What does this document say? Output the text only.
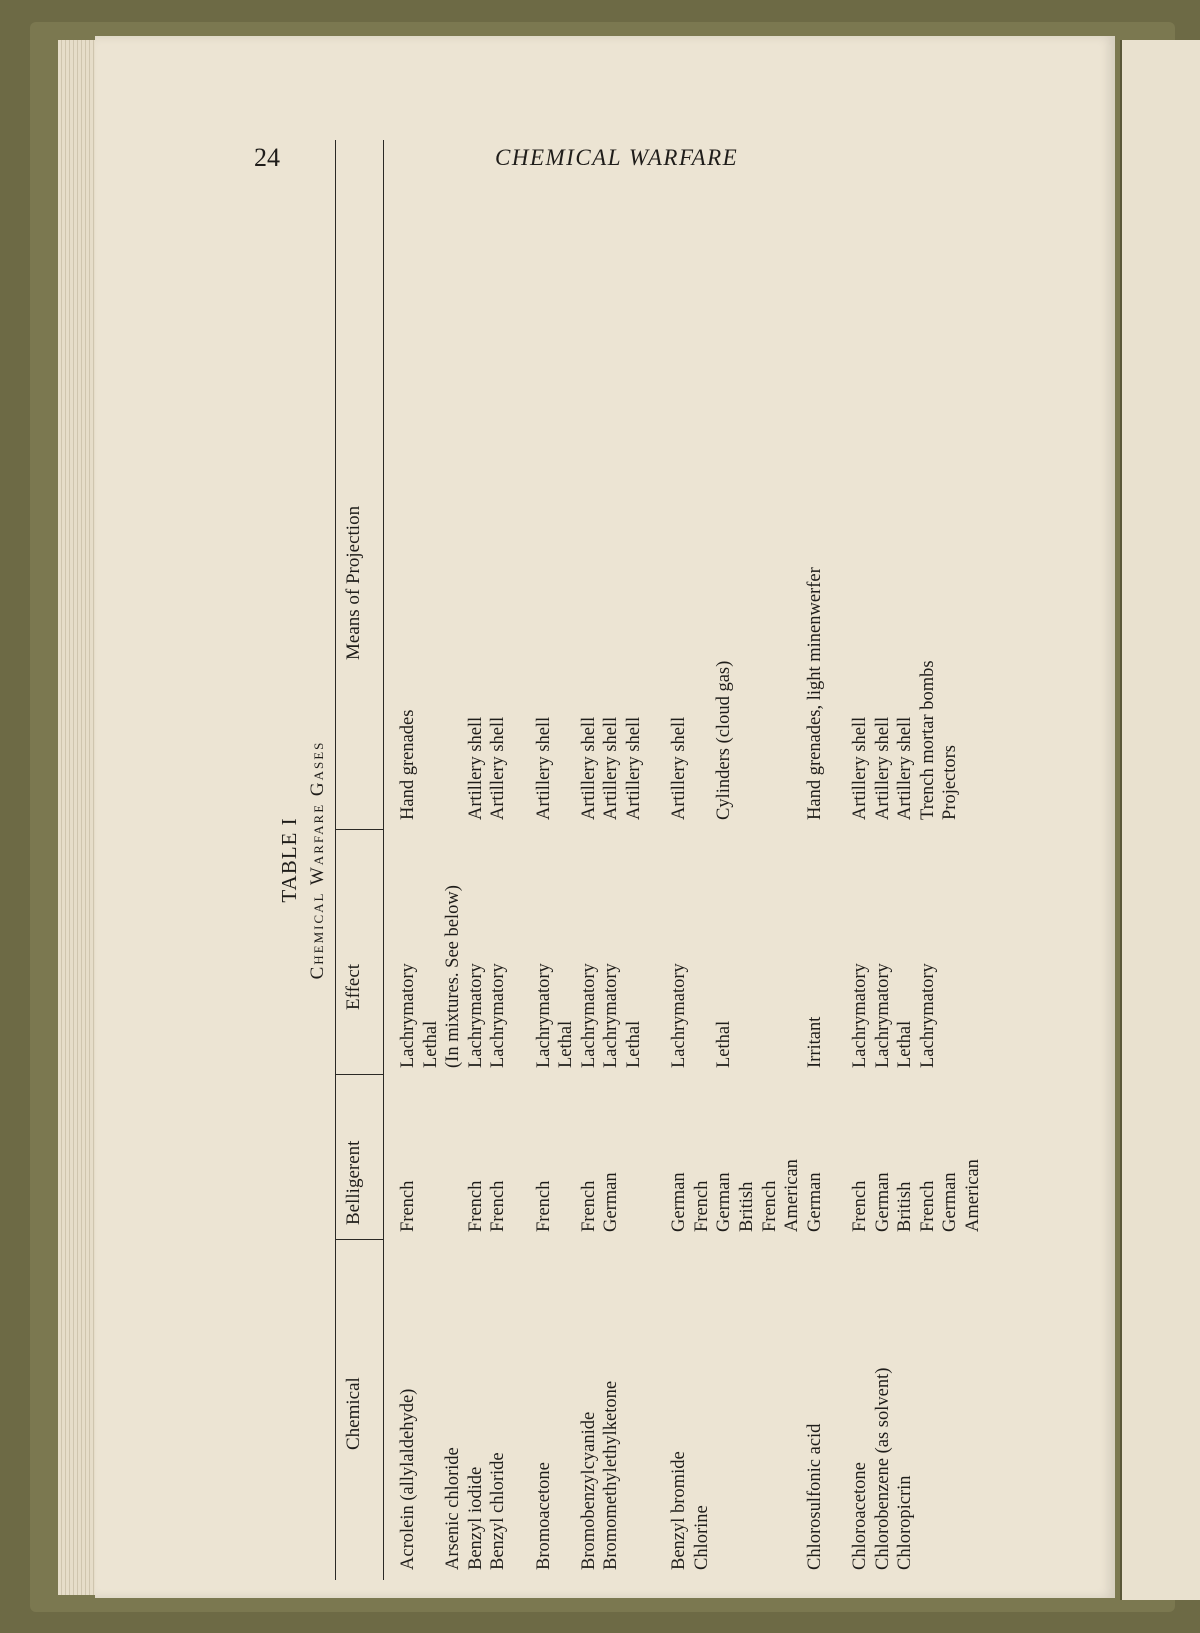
24	CHEMICAL WARFARE
TABLE I Chemical Warfare Gases
Chemical
Belligerent
Effect
Means of Projection
Acrolein (allylaldehyde)
French
Lachrymatory
Hand grenades
Lethal
Arsenic chloride
(In mixtures. See below)
Benzyl iodide
French
Lachrymatory
Artillery shell
Benzyl chloride
French
Lachrymatory
Artillery shell
Bromoacetone
French
Lachrymatory
Artillery shell
Lethal
Bromobenzylcyanide
French
Lachrymatory
Artillery shell
Bromomethylethylketone
German
Lachrymatory
Artillery shell
Lethal
Artillery shell
Benzyl bromide
German
Lachrymatory
Artillery shell
Chlorine
French German
Lethal
Cylinders (cloud gas)
British French American
Chlorosulfonic acid
German
Irritant
Hand grenades, light minenwerfer
Chloroacetone
French
Lachrymatory
Artillery shell
Chlorobenzene (as solvent)
German
Lachrymatory
Artillery shell
Chloropicrin
British
Lethal
Artillery shell
French
Lachrymatory
Trench mortar bombs
German
Projectors
American
